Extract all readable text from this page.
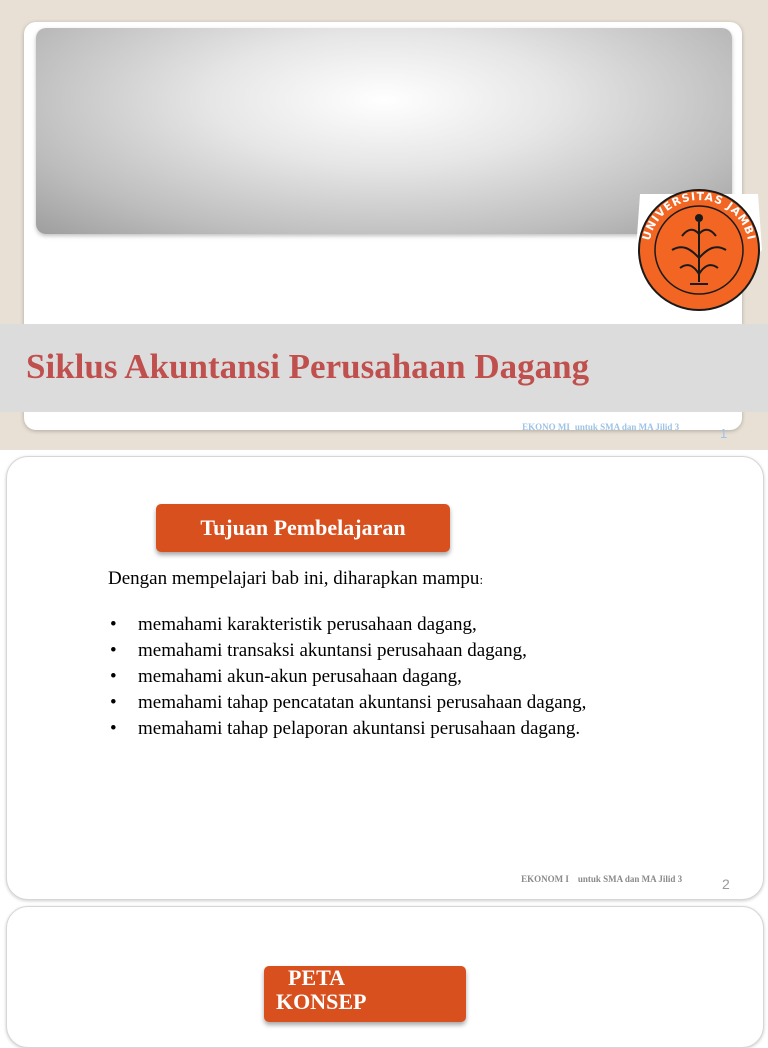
Siklus Akuntansi Perusahaan Dagang
UNIVERSITAS JAMBI
EKONO MI untuk SMA dan MA Jilid 3	1
Tujuan Pembelajaran
Dengan mempelajari bab ini, diharapkan mampu:
• memahami karakteristik perusahaan dagang,
• memahami transaksi akuntansi perusahaan dagang,
• memahami akun-akun perusahaan dagang,
• memahami tahap pencatatan akuntansi perusahaan dagang,
• memahami tahap pelaporan akuntansi perusahaan dagang.
EKONOM I untuk SMA dan MA Jilid 3	2
PETA
KONSEP
